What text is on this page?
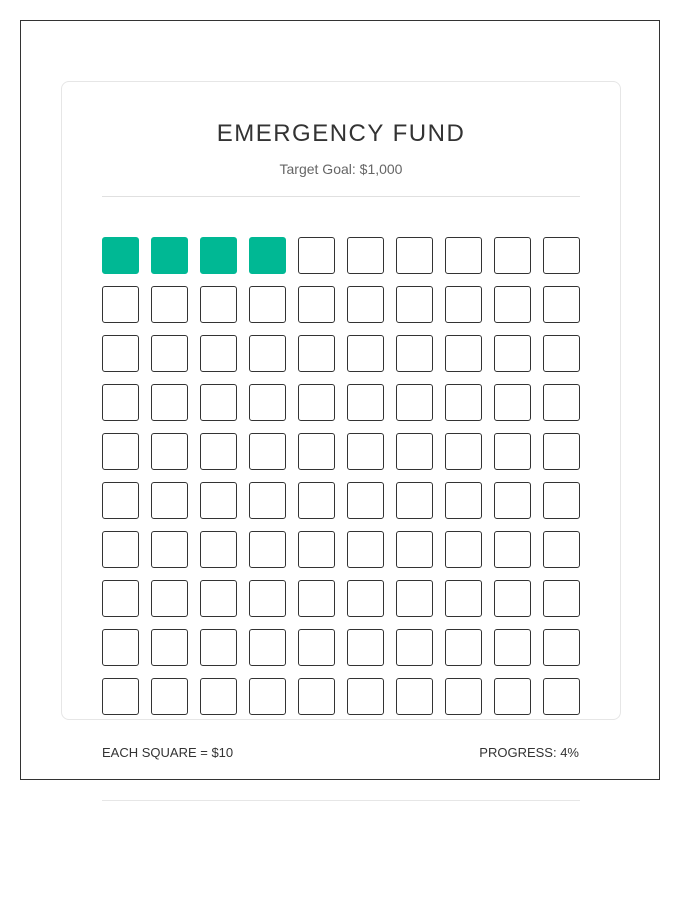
EMERGENCY FUND
Target Goal: $1,000
EACH SQUARE = $10	PROGRESS: 4%
